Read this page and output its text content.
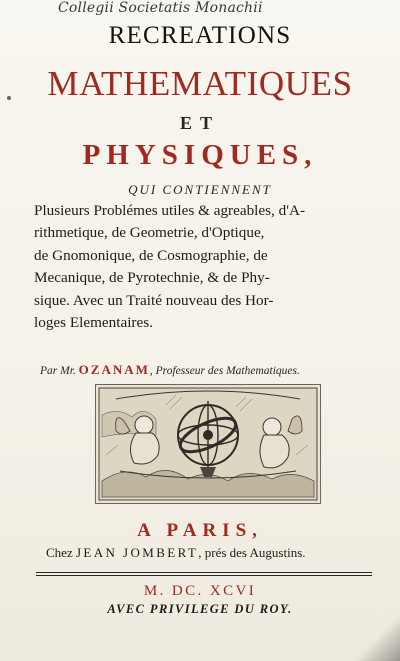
Collegii Societatis Monachii
RECREATIONS
MATHEMATIQUES
ET
PHYSIQUES,
QUI CONTIENNENT
Plusieurs Problémes utiles & agreables, d'A-
rithmetique, de Geometrie, d'Optique,
de Gnomonique, de Cosmographie, de
Mecanique, de Pyrotechnie, & de Phy-
sique. Avec un Traité nouveau des Hor-
loges Elementaires.
Par Mr. OZANAM, Professeur des Mathematiques.
A PARIS,
Chez JEAN JOMBERT, prés des Augustins.
M. DC. XCVI
AVEC PRIVILEGE DU ROY.
